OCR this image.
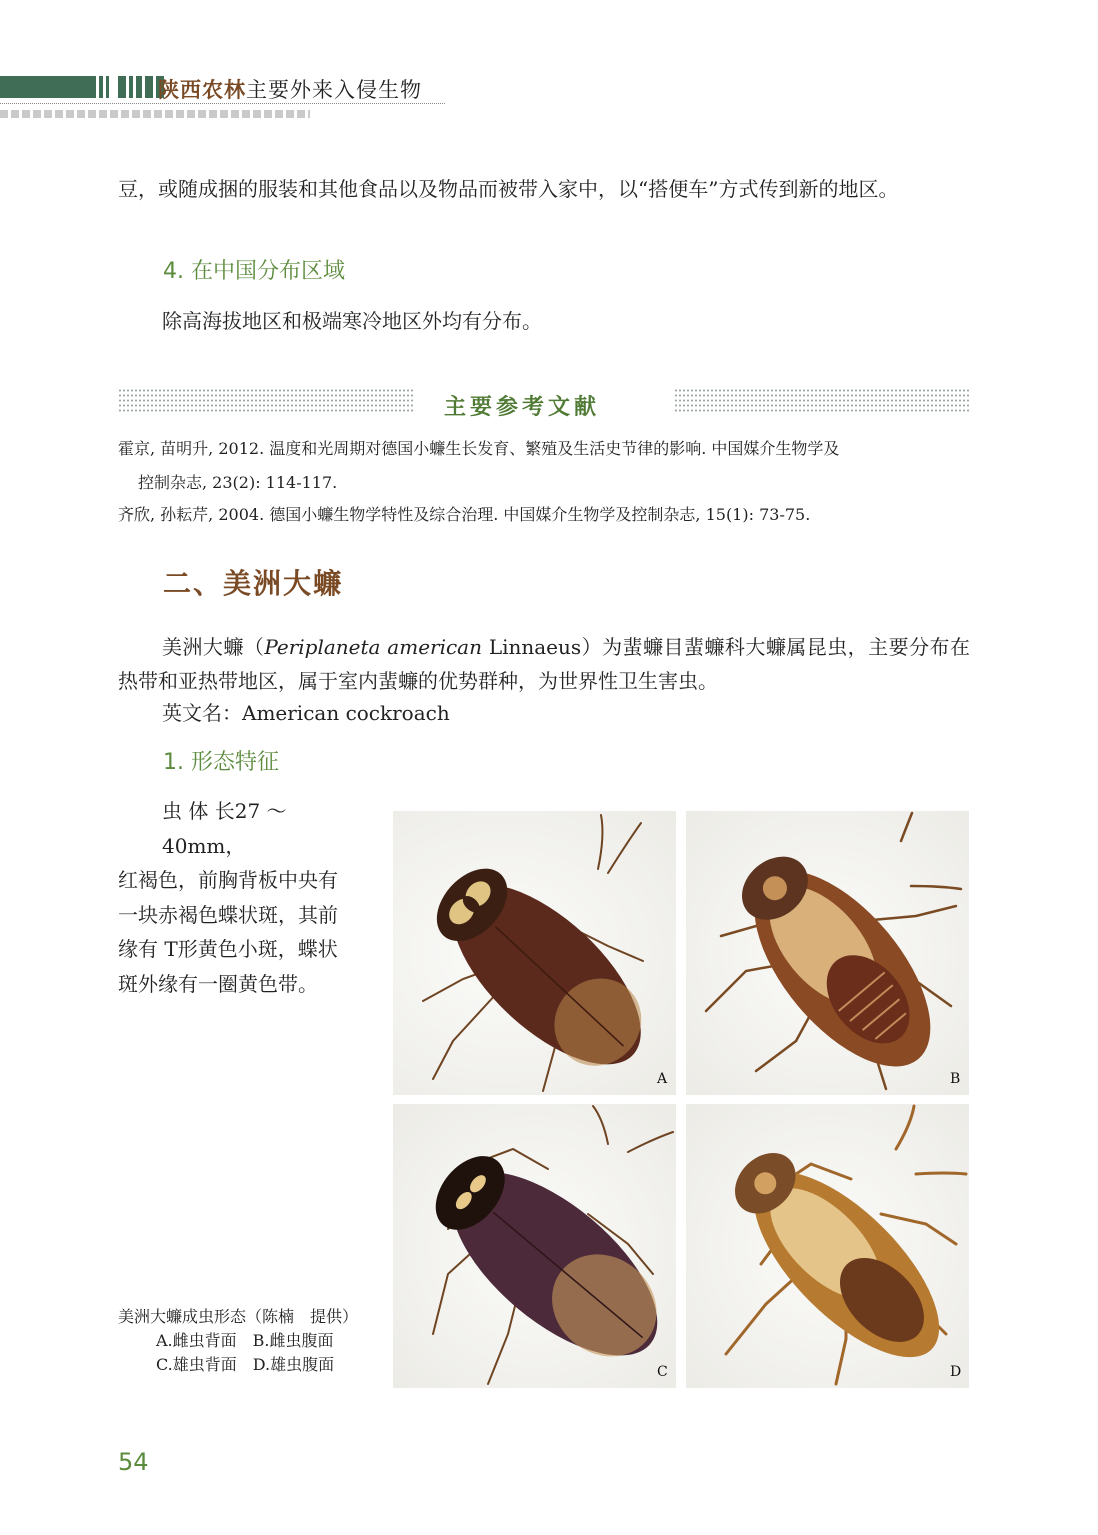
陕西农林主要外来入侵生物
豆，或随成捆的服装和其他食品以及物品而被带入家中，以“搭便车”方式传到新的地区。
4. 在中国分布区域
除高海拔地区和极端寒冷地区外均有分布。
主要参考文献
霍京, 苗明升, 2012. 温度和光周期对德国小蠊生长发育、繁殖及生活史节律的影响. 中国媒介生物学及
控制杂志, 23(2): 114-117.
齐欣, 孙耘芹, 2004. 德国小蠊生物学特性及综合治理. 中国媒介生物学及控制杂志, 15(1): 73-75.
二、美洲大蠊
美洲大蠊（Periplaneta american Linnaeus）为蜚蠊目蜚蠊科大蠊属昆虫，主要分布在热带和亚热带地区，属于室内蜚蠊的优势群种，为世界性卫生害虫。
英文名：American cockroach
1. 形态特征
虫 体 长27 ～ 40mm，
红褐色，前胸背板中央有
一块赤褐色蝶状斑，其前
缘有 T形黄色小斑，蝶状
斑外缘有一圈黄色带。
A	B
C	D
美洲大蠊成虫形态（陈楠　提供）
A.雌虫背面　B.雌虫腹面
C.雄虫背面　D.雄虫腹面
54
